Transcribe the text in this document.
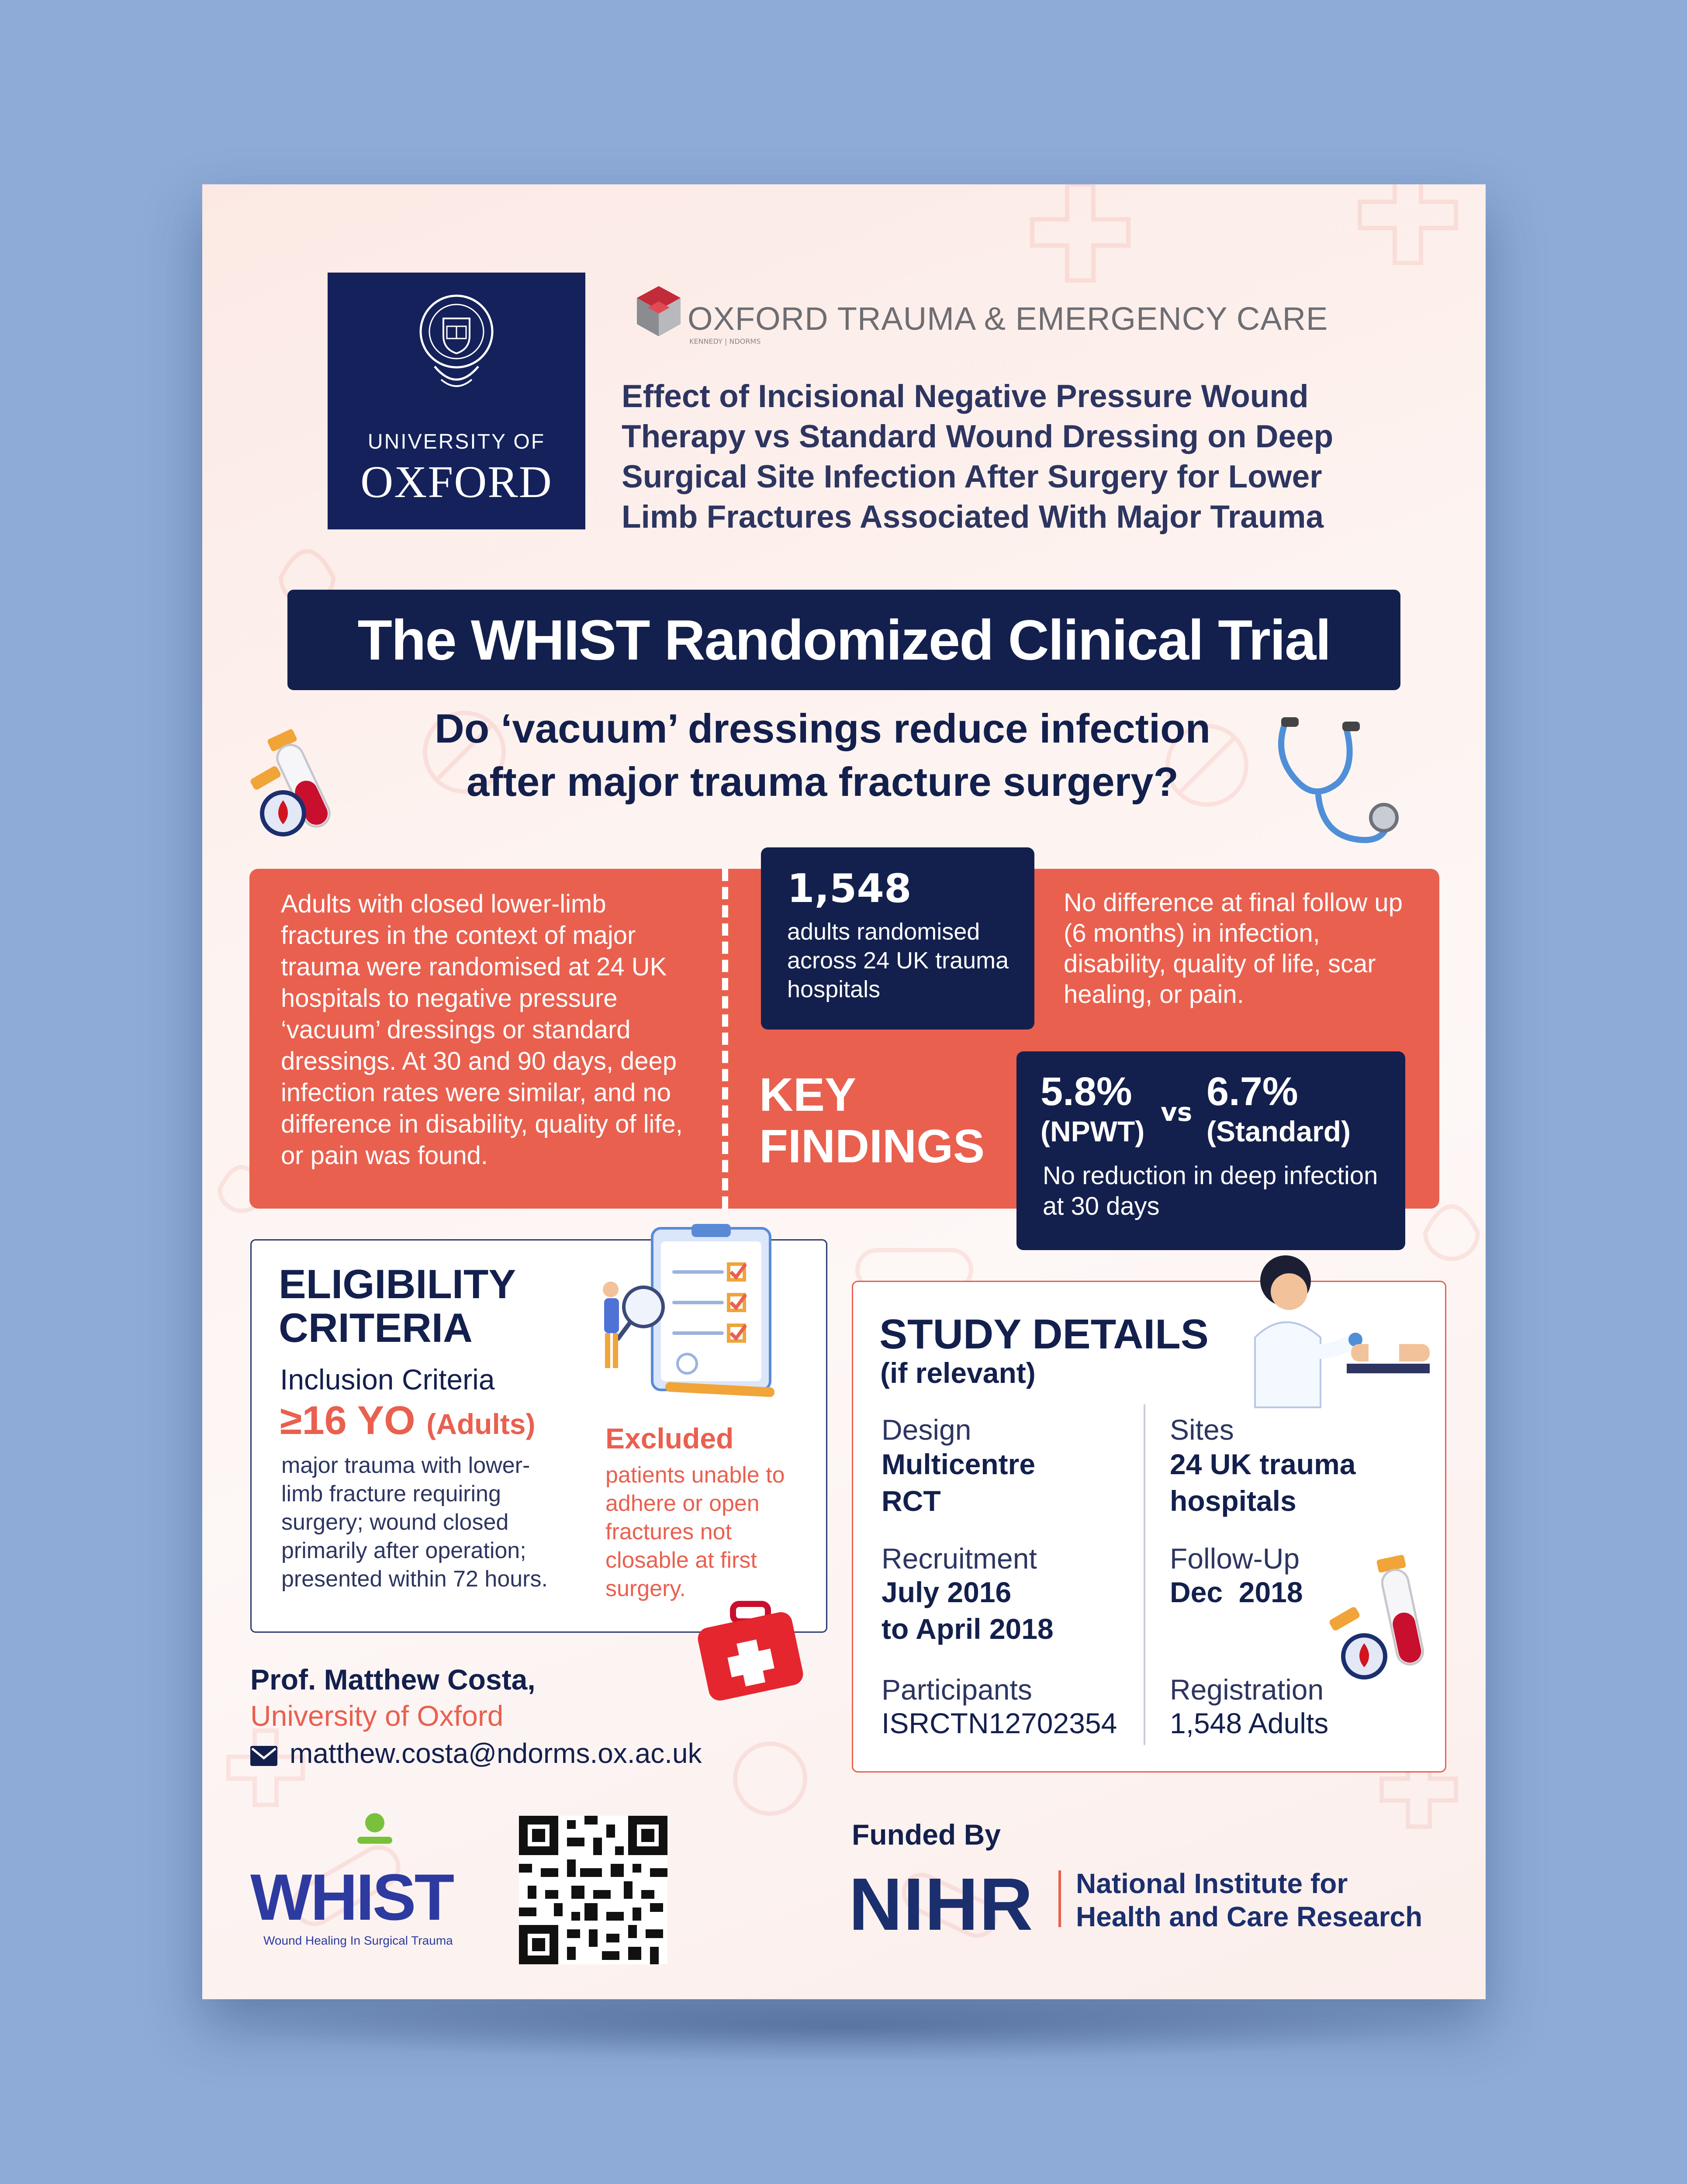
UNIVERSITY OF
OXFORD
OXFORD TRAUMA & EMERGENCY CARE
KENNEDY | NDORMS
Effect of Incisional Negative Pressure Wound Therapy vs Standard Wound Dressing on Deep Surgical Site Infection After Surgery for Lower Limb Fractures Associated With Major Trauma
The WHIST Randomized Clinical Trial
Do ‘vacuum’ dressings reduce infection after major trauma fracture surgery?
Adults with closed lower-limb fractures in the context of major trauma were randomised at 24 UK hospitals to negative pressure ‘vacuum’ dressings or standard dressings. At 30 and 90 days, deep infection rates were similar, and no difference in disability, quality of life, or pain was found.
KEY
FINDINGS
1,548
adults randomised across 24 UK trauma hospitals
No difference at final follow up (6 months) in infection, disability, quality of life, scar healing, or pain.
5.8%
(NPWT)
vs 6.7%
(Standard)
No reduction in deep infection at 30 days
ELIGIBILITY
CRITERIA
Inclusion Criteria
≥16 YO (Adults)
major trauma with lower-limb fracture requiring surgery; wound closed primarily after operation; presented within 72 hours.
Excluded
patients unable to adhere or open fractures not closable at first surgery.
STUDY DETAILS
(if relevant)
Design
Multicentre RCT
Sites
24 UK trauma hospitals
Recruitment
July 2016
to April 2018
Follow-Up
Dec  2018
Participants
ISRCTN12702354
Registration
1,548 Adults
Prof. Matthew Costa,
University of Oxford
matthew.costa@ndorms.ox.ac.uk
WHIST
Wound Healing In Surgical Trauma
Funded By
NIHR National Institute for
Health and Care Research
